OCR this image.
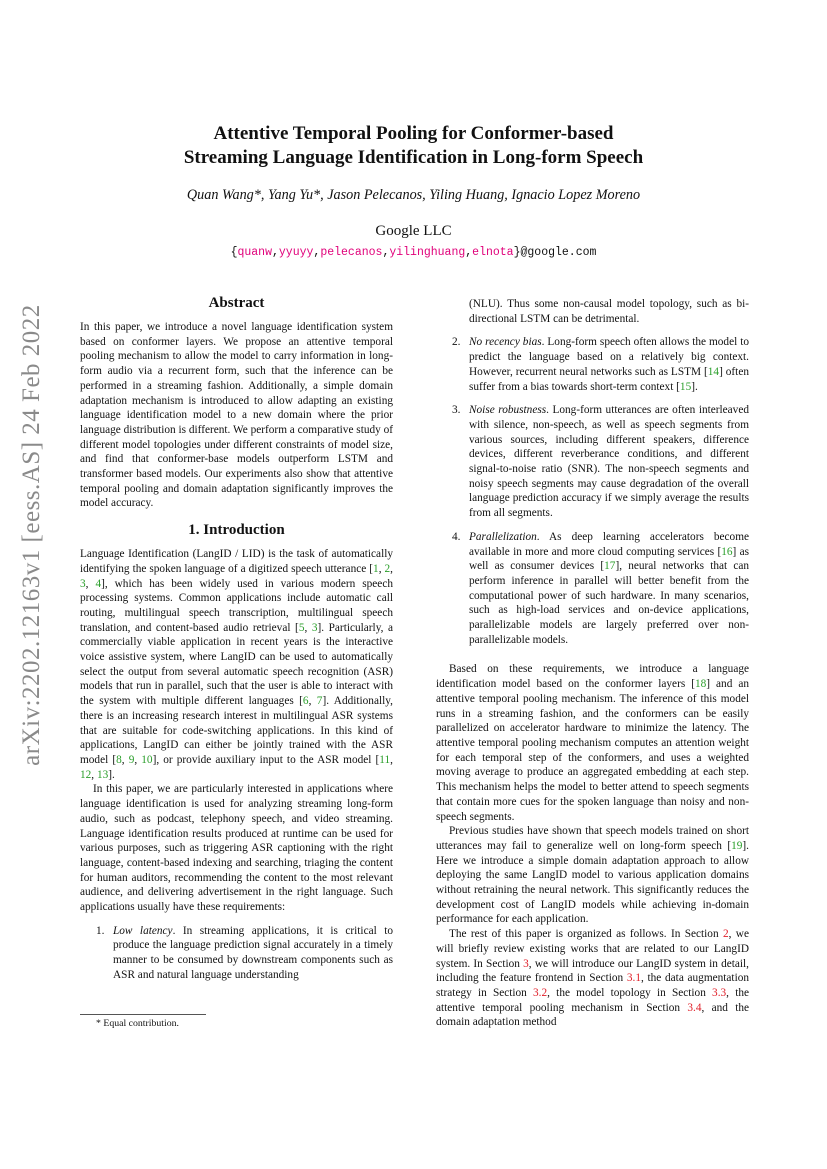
arXiv:2202.12163v1 [eess.AS] 24 Feb 2022
Attentive Temporal Pooling for Conformer-based
Streaming Language Identification in Long-form Speech
Quan Wang*, Yang Yu*, Jason Pelecanos, Yiling Huang, Ignacio Lopez Moreno
Google LLC
{quanw,yyuyy,pelecanos,yilinghuang,elnota}@google.com
Abstract

In this paper, we introduce a novel language identification system based on conformer layers. We propose an attentive temporal pooling mechanism to allow the model to carry information in long-form audio via a recurrent form, such that the inference can be performed in a streaming fashion. Additionally, a simple domain adaptation mechanism is introduced to allow adapting an existing language identification model to a new domain where the prior language distribution is different. We perform a comparative study of different model topologies under different constraints of model size, and find that conformer-base models outperform LSTM and transformer based models. Our experiments also show that attentive temporal pooling and domain adaptation significantly improves the model accuracy.

1. Introduction

Language Identification (LangID / LID) is the task of automatically identifying the spoken language of a digitized speech utterance [1, 2, 3, 4], which has been widely used in various modern speech processing systems. Common applications include automatic call routing, multilingual speech transcription, multilingual speech translation, and content-based audio retrieval [5, 3]. Particularly, a commercially viable application in recent years is the interactive voice assistive system, where LangID can be used to automatically select the output from several automatic speech recognition (ASR) models that run in parallel, such that the user is able to interact with the system with multiple different languages [6, 7]. Additionally, there is an increasing research interest in multilingual ASR systems that are suitable for code-switching applications. In this kind of applications, LangID can either be jointly trained with the ASR model [8, 9, 10], or provide auxiliary input to the ASR model [11, 12, 13].

In this paper, we are particularly interested in applications where language identification is used for analyzing streaming long-form audio, such as podcast, telephony speech, and video streaming. Language identification results produced at runtime can be used for various purposes, such as triggering ASR captioning with the right language, content-based indexing and searching, triaging the content for human auditors, recommending the content to the most relevant audience, and delivering advertisement in the right language. Such applications usually have these requirements:

1. Low latency. In streaming applications, it is critical to produce the language prediction signal accurately in a timely manner to be consumed by downstream components such as ASR and natural language understanding
* Equal contribution.
(NLU). Thus some non-causal model topology, such as bi-directional LSTM can be detrimental.
2. No recency bias. Long-form speech often allows the model to predict the language based on a relatively big context. However, recurrent neural networks such as LSTM [14] often suffer from a bias towards short-term context [15].
3. Noise robustness. Long-form utterances are often interleaved with silence, non-speech, as well as speech segments from various sources, including different speakers, difference devices, different reverberance conditions, and different signal-to-noise ratio (SNR). The non-speech segments and noisy speech segments may cause degradation of the overall language prediction accuracy if we simply average the results from all segments.
4. Parallelization. As deep learning accelerators become available in more and more cloud computing services [16] as well as consumer devices [17], neural networks that can perform inference in parallel will better benefit from the computational power of such hardware. In many scenarios, such as high-load services and on-device applications, parallelizable models are largely preferred over non-parallelizable models.

Based on these requirements, we introduce a language identification model based on the conformer layers [18] and an attentive temporal pooling mechanism. The inference of this model runs in a streaming fashion, and the conformers can be easily parallelized on accelerator hardware to minimize the latency. The attentive temporal pooling mechanism computes an attention weight for each temporal step of the conformers, and uses a weighted moving average to produce an aggregated embedding at each step. This mechanism helps the model to better attend to speech segments that contain more cues for the spoken language than noisy and non-speech segments.

Previous studies have shown that speech models trained on short utterances may fail to generalize well on long-form speech [19]. Here we introduce a simple domain adaptation approach to allow deploying the same LangID model to various application domains without retraining the neural network. This significantly reduces the development cost of LangID models while achieving in-domain performance for each application.

The rest of this paper is organized as follows. In Section 2, we will briefly review existing works that are related to our LangID system. In Section 3, we will introduce our LangID system in detail, including the feature frontend in Section 3.1, the data augmentation strategy in Section 3.2, the model topology in Section 3.3, the attentive temporal pooling mechanism in Section 3.4, and the domain adaptation method
